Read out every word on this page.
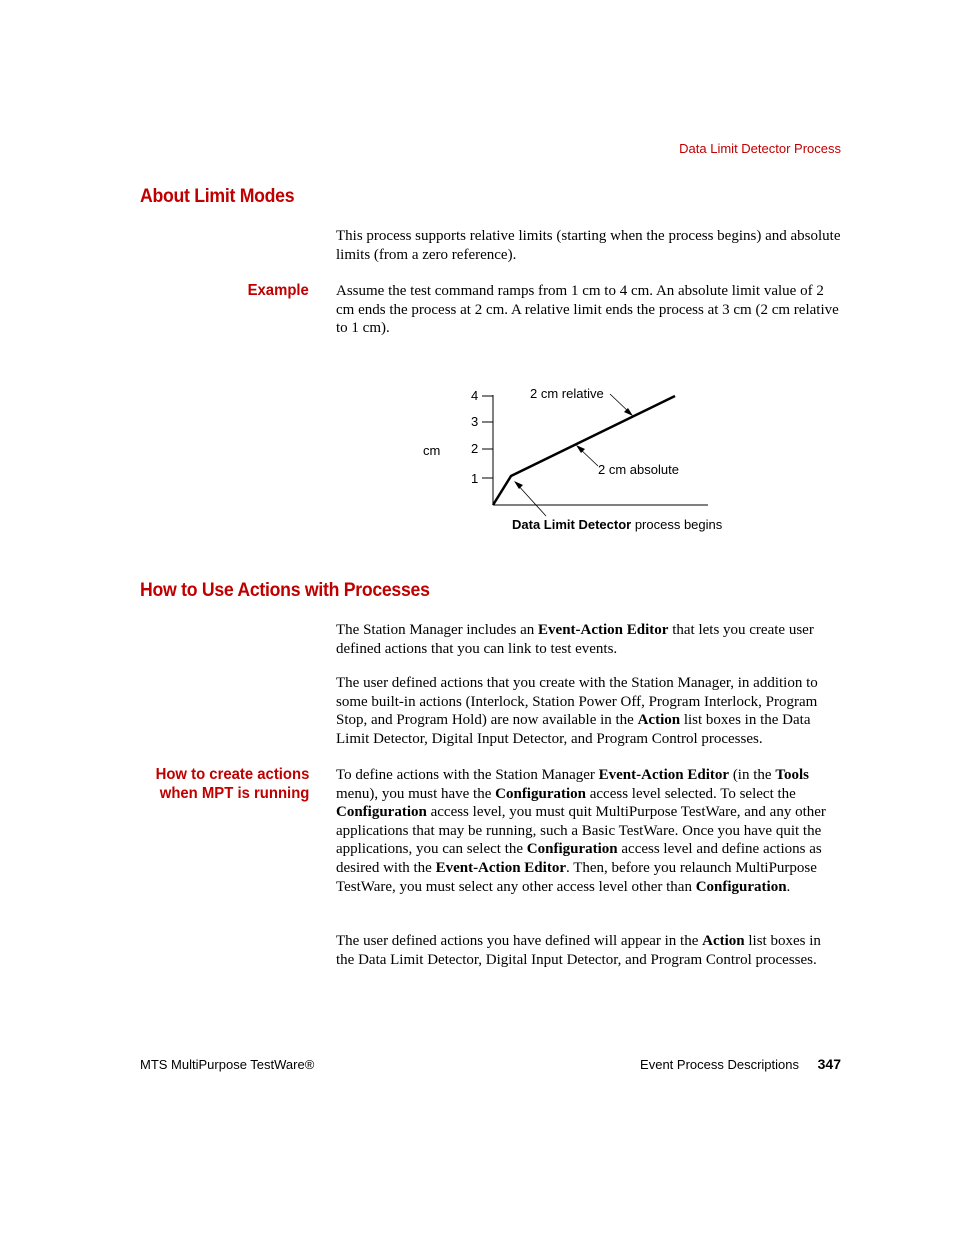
Data Limit Detector Process
About Limit Modes
This process supports relative limits (starting when the process begins) and absolute limits (from a zero reference).
Example Assume the test command ramps from 1 cm to 4 cm. An absolute limit value of 2 cm ends the process at 2 cm. A relative limit ends the process at 3 cm (2 cm relative to 1 cm).
cm
1
2
3
4	2 cm relative
2 cm absolute
Data Limit Detector process begins
How to Use Actions with Processes
The Station Manager includes an Event-Action Editor that lets you create user defined actions that you can link to test events.
The user defined actions that you create with the Station Manager, in addition to some built-in actions (Interlock, Station Power Off, Program Interlock, Program Stop, and Program Hold) are now available in the Action list boxes in the Data Limit Detector, Digital Input Detector, and Program Control processes.
How to create actions
when MPT is running
To define actions with the Station Manager Event-Action Editor (in the Tools menu), you must have the Configuration access level selected. To select the Configuration access level, you must quit MultiPurpose TestWare, and any other applications that may be running, such a Basic TestWare. Once you have quit the applications, you can select the Configuration access level and define actions as desired with the Event-Action Editor. Then, before you relaunch MultiPurpose TestWare, you must select any other access level other than Configuration.
The user defined actions you have defined will appear in the Action list boxes in the Data Limit Detector, Digital Input Detector, and Program Control processes.
MTS MultiPurpose TestWare®	Event Process Descriptions 347
